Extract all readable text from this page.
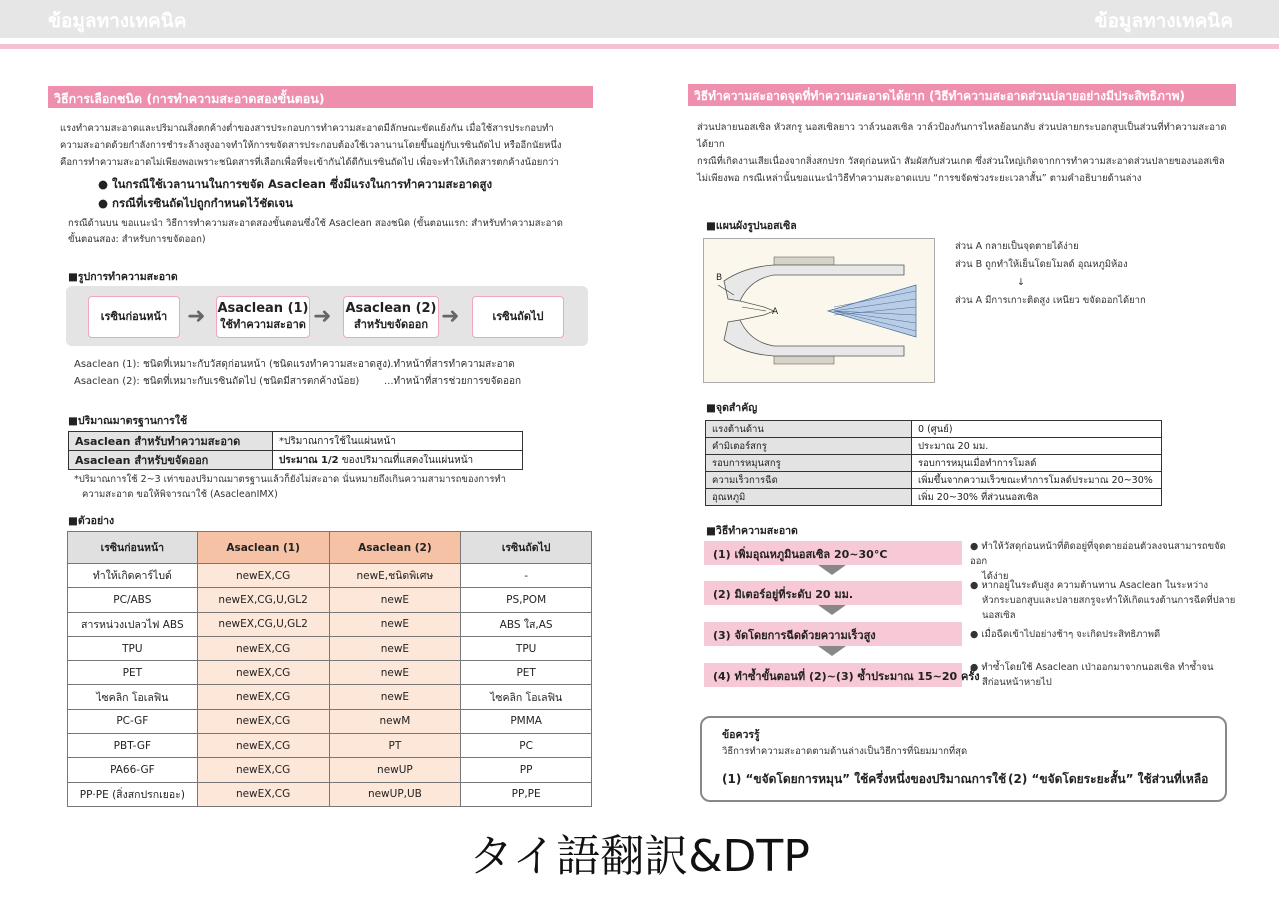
ข้อมูลทางเทคนิค	ข้อมูลทางเทคนิค
วิธีการเลือกชนิด (การทำความสะอาดสองขั้นตอน)
แรงทำความสะอาดและปริมาณสิ่งตกค้างต่ำของสารประกอบการทำความสะอาดมีลักษณะขัดแย้งกัน เมื่อใช้สารประกอบทำ
ความสะอาดด้วยกำลังการชำระล้างสูงอาจทำให้การขจัดสารประกอบต้องใช้เวลานานโดยขึ้นอยู่กับเรซินถัดไป หรืออีกนัยหนึ่ง
คือการทำความสะอาดไม่เพียงพอเพราะชนิดสารที่เลือกเพื่อที่จะเข้ากันได้ดีกับเรซินถัดไป เพื่อจะทำให้เกิดสารตกค้างน้อยกว่า
● ในกรณีใช้เวลานานในการขจัด Asaclean ซึ่งมีแรงในการทำความสะอาดสูง
● กรณีที่เรซินถัดไปถูกกำหนดไว้ชัดเจน
กรณีด้านบน ขอแนะนำ วิธีการทำความสะอาดสองขั้นตอนซึ่งใช้ Asaclean สองชนิด (ขั้นตอนแรก: สำหรับทำความสะอาด
ขั้นตอนสอง: สำหรับการขจัดออก)
■รูปการทำความสะอาด
เรซินก่อนหน้า ➜ Asaclean (1)
ใช้ทำความสะอาด ➜ Asaclean (2)
สำหรับขจัดออก ➜	เรซินถัดไป
Asaclean (1): ชนิดที่เหมาะกับวัสดุก่อนหน้า (ชนิดแรงทำความสะอาดสูง)
...ทำหน้าที่สารทำความสะอาด
Asaclean (2): ชนิดที่เหมาะกับเรซินถัดไป (ชนิดมีสารตกค้างน้อย) ...ทำหน้าที่สารช่วยการขจัดออก
■ปริมาณมาตรฐานการใช้
Asaclean สำหรับทำความสะอาด	*ปริมาณการใช้ในแผ่นหน้า
Asaclean สำหรับขจัดออก	ประมาณ 1/2 ของปริมาณที่แสดงในแผ่นหน้า
*ปริมาณการใช้ 2~3 เท่าของปริมาณมาตรฐานแล้วก็ยังไม่สะอาด นั่นหมายถึงเกินความสามารถของการทำ
ความสะอาด ขอให้พิจารณาใช้ (AsacleanIMX)
■ตัวอย่าง
เรซินก่อนหน้า	Asaclean (1)	Asaclean (2)	เรซินถัดไป
ทำให้เกิดคาร์ไบด์	newEX,CG	newE,ชนิดพิเศษ	-
PC/ABS	newEX,CG,U,GL2	newE	PS,POM
สารหน่วงเปลวไฟ ABS	newEX,CG,U,GL2	newE	ABS ใส,AS
TPU	newEX,CG	newE	TPU
PET	newEX,CG	newE	PET
ไซคลิก โอเลฟิน	newEX,CG	newE	ไซคลิก โอเลฟิน
PC-GF	newEX,CG	newM	PMMA
PBT-GF	newEX,CG	PT	PC
PA66-GF	newEX,CG	newUP	PP
PP·PE (สิ่งสกปรกเยอะ)	newEX,CG	newUP,UB	PP,PE
วิธีทำความสะอาดจุดที่ทำความสะอาดได้ยาก (วิธีทำความสะอาดส่วนปลายอย่างมีประสิทธิภาพ)
ส่วนปลายนอสเซิล หัวสกรู นอสเซิลยาว วาล์วนอสเซิล วาล์วป้องกันการไหลย้อนกลับ ส่วนปลายกระบอกสูบเป็นส่วนที่ทำความสะอาด
ได้ยาก
กรณีที่เกิดงานเสียเนื่องจากสิ่งสกปรก วัสดุก่อนหน้า สัมผัสกับส่วนเกต ซึ่งส่วนใหญ่เกิดจากการทำความสะอาดส่วนปลายของนอสเซิล
ไม่เพียงพอ กรณีเหล่านั้นขอแนะนำวิธีทำความสะอาดแบบ “การขจัดช่วงระยะเวลาสั้น” ตามคำอธิบายด้านล่าง
■แผนผังรูปนอสเซิล
A
B
ส่วน A กลายเป็นจุดตายได้ง่าย
ส่วน B ถูกทำให้เย็นโดยโมลด์ อุณหภูมิห้อง
↓
ส่วน A มีการเกาะติดสูง เหนียว ขจัดออกได้ยาก
■จุดสำคัญ
แรงต้านด้าน	0 (ศูนย์)
คำมิเตอร์สกรู	ประมาณ 20 มม.
รอบการหมุนสกรู	รอบการหมุนเมื่อทำการโมลด์
ความเร็วการฉีด	เพิ่มขึ้นจากความเร็วขณะทำการโมลด์ประมาณ 20~30%
อุณหภูมิ	เพิ่ม 20~30% ที่ส่วนนอสเซิล
■วิธีทำความสะอาด
(1) เพิ่มอุณหภูมินอสเซิล 20~30°C
(2) มิเตอร์อยู่ที่ระดับ 20 มม.
(3) จัดโดยการฉีดด้วยความเร็วสูง
(4) ทำซ้ำขั้นตอนที่ (2)~(3) ซ้ำประมาณ 15~20 ครั้ง
● ทำให้วัสดุก่อนหน้าที่ติดอยู่ที่จุดตายอ่อนตัวลงจนสามารถขจัดออก
ได้ง่าย
● หากอยู่ในระดับสูง ความต้านทาน Asaclean ในระหว่าง
หัวกระบอกสูบและปลายสกรูจะทำให้เกิดแรงต้านการฉีดที่ปลาย
นอสเซิล
● เมื่อฉีดเข้าไปอย่างช้าๆ จะเกิดประสิทธิภาพดี
● ทำซ้ำโดยใช้ Asaclean เป่าออกมาจากนอสเซิล ทำซ้ำจน
สีก่อนหน้าหายไป
ข้อควรรู้
วิธีการทำความสะอาดตามด้านล่างเป็นวิธีการที่นิยมมากที่สุด
(1) “ขจัดโดยการหมุน” ใช้ครึ่งหนึ่งของปริมาณการใช้ (2) “ขจัดโดยระยะสั้น” ใช้ส่วนที่เหลือ
タイ語翻訳&DTP
